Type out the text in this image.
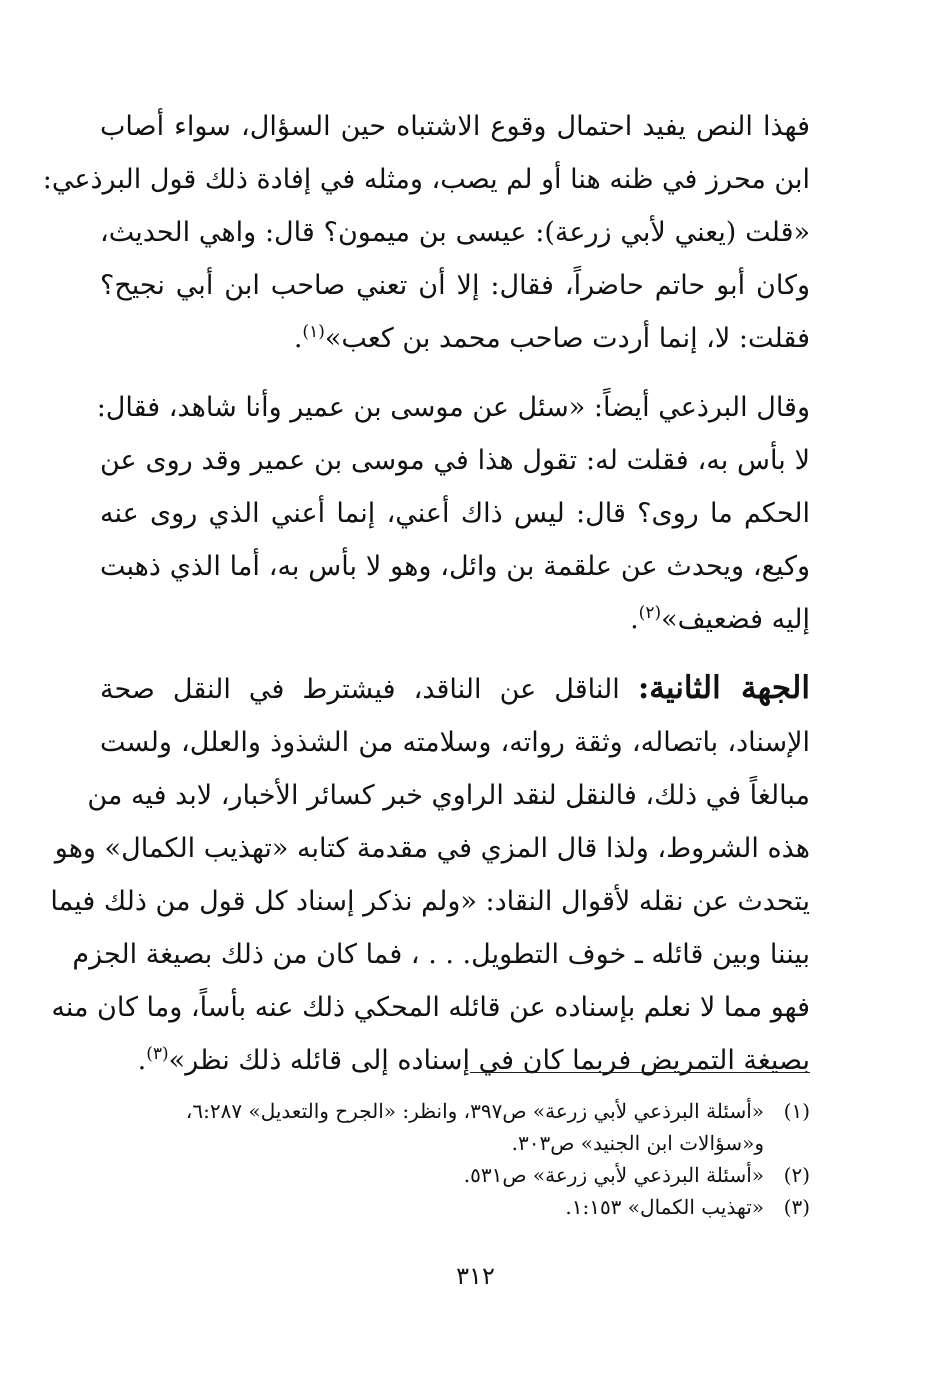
فهذا النص يفيد احتمال وقوع الاشتباه حين السؤال، سواء أصاب
ابن محرز في ظنه هنا أو لم يصب، ومثله في إفادة ذلك قول البرذعي:
«قلت (يعني لأبي زرعة): عيسى بن ميمون؟ قال: واهي الحديث،
وكان أبو حاتم حاضراً، فقال: إلا أن تعني صاحب ابن أبي نجيح؟
فقلت: لا، إنما أردت صاحب محمد بن كعب»$^{(١)}$.

وقال البرذعي أيضاً: «سئل عن موسى بن عمير وأنا شاهد، فقال:
لا بأس به، فقلت له: تقول هذا في موسى بن عمير وقد روى عن
الحكم ما روى؟ قال: ليس ذاك أعني، إنما أعني الذي روى عنه
وكيع، ويحدث عن علقمة بن وائل، وهو لا بأس به، أما الذي ذهبت
إليه فضعيف»$^{(٢)}$.

الجهة الثانية: الناقل عن الناقد، فيشترط في النقل صحة
الإسناد، باتصاله، وثقة رواته، وسلامته من الشذوذ والعلل، ولست
مبالغاً في ذلك، فالنقل لنقد الراوي خبر كسائر الأخبار، لابد فيه من
هذه الشروط، ولذا قال المزي في مقدمة كتابه «تهذيب الكمال» وهو
يتحدث عن نقله لأقوال النقاد: «ولم نذكر إسناد كل قول من ذلك فيما
بيننا وبين قائله ـ خوف التطويل. . . ، فما كان من ذلك بصيغة الجزم
فهو مما لا نعلم بإسناده عن قائله المحكي ذلك عنه بأساً، وما كان منه
بصيغة التمريض فربما كان في إسناده إلى قائله ذلك نظر»$^{(٣)}$.

(١)
«أسئلة البرذعي لأبي زرعة» ص٣٩٧، وانظر: «الجرح والتعديل» ٦:٢٨٧،
و«سؤالات ابن الجنيد» ص٣٠٣.
(٢)
«أسئلة البرذعي لأبي زرعة» ص٥٣١.
(٣)
«تهذيب الكمال» ١:١٥٣.
٣١٢
